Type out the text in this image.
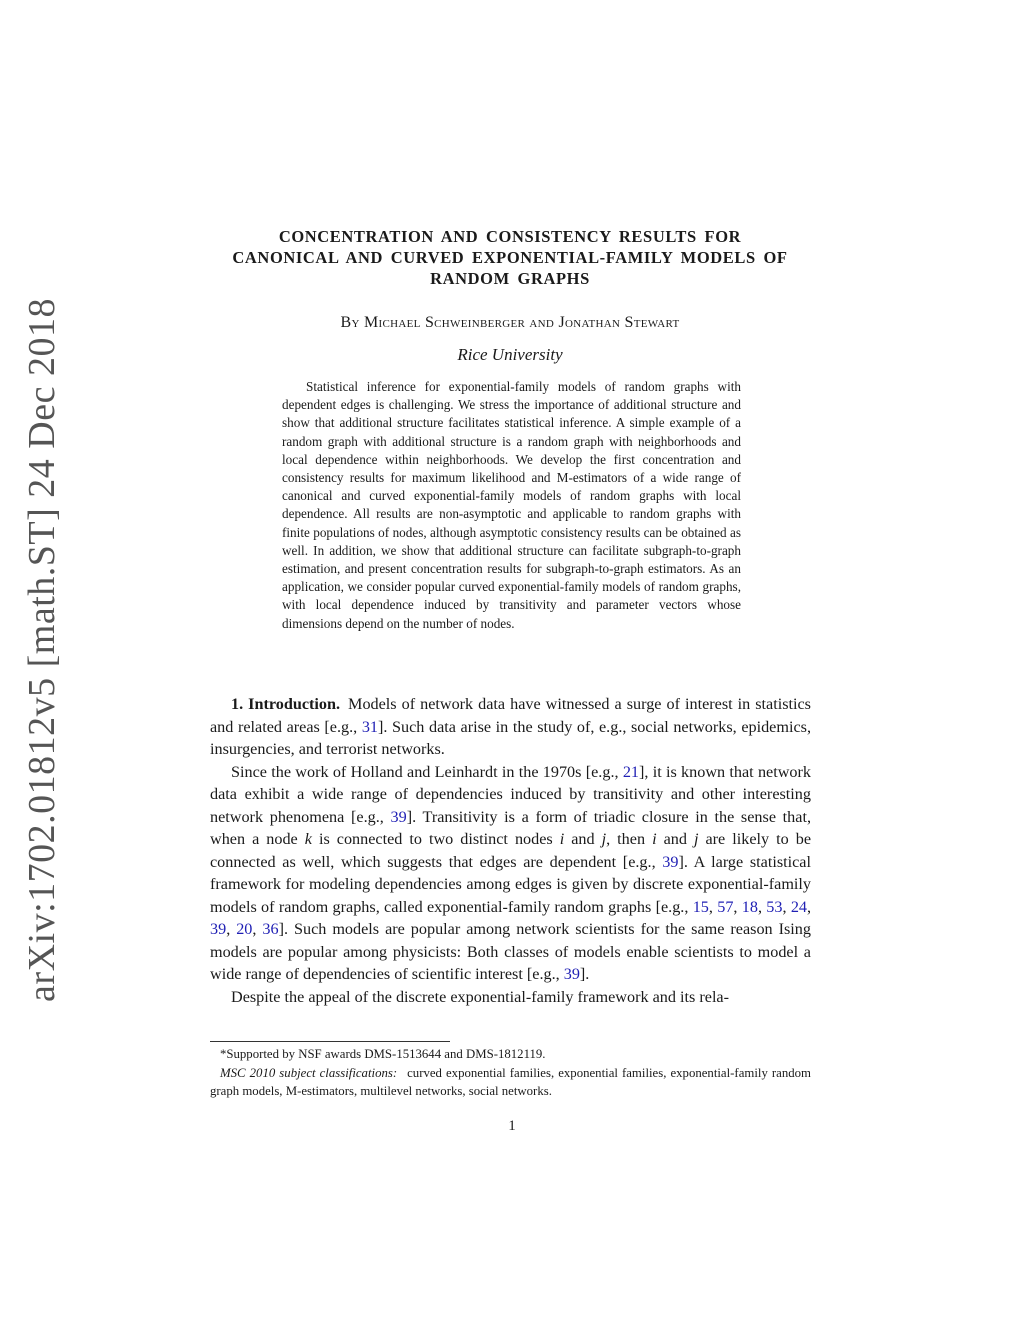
arXiv:1702.01812v5 [math.ST] 24 Dec 2018
CONCENTRATION AND CONSISTENCY RESULTS FOR
CANONICAL AND CURVED EXPONENTIAL-FAMILY MODELS OF
RANDOM GRAPHS
By Michael Schweinberger and Jonathan Stewart
Rice University

Statistical inference for exponential-family models of random graphs with dependent edges is challenging. We stress the importance of additional structure and show that additional structure facilitates statistical inference. A simple example of a random graph with additional structure is a random graph with neighborhoods and local dependence within neighborhoods. We develop the first concentration and consistency results for maximum likelihood and M-estimators of a wide range of canonical and curved exponential-family models of random graphs with local dependence. All results are non-asymptotic and applicable to random graphs with finite populations of nodes, although asymptotic consistency results can be obtained as well. In addition, we show that additional structure can facilitate subgraph-to-graph estimation, and present concentration results for subgraph-to-graph estimators. As an application, we consider popular curved exponential-family models of random graphs, with local dependence induced by transitivity and parameter vectors whose dimensions depend on the number of nodes.

1. Introduction. Models of network data have witnessed a surge of interest in statistics and related areas [e.g., 31]. Such data arise in the study of, e.g., social networks, epidemics, insurgencies, and terrorist networks.

Since the work of Holland and Leinhardt in the 1970s [e.g., 21], it is known that network data exhibit a wide range of dependencies induced by transitivity and other interesting network phenomena [e.g., 39]. Transitivity is a form of triadic closure in the sense that, when a node k is connected to two distinct nodes i and j, then i and j are likely to be connected as well, which suggests that edges are dependent [e.g., 39]. A large statistical framework for modeling dependencies among edges is given by discrete exponential-family models of random graphs, called exponential-family random graphs [e.g., 15, 57, 18, 53, 24, 39, 20, 36]. Such models are popular among network scientists for the same reason Ising models are popular among physicists: Both classes of models enable scientists to model a wide range of dependencies of scientific interest [e.g., 39].

Despite the appeal of the discrete exponential-family framework and its rela-

*Supported by NSF awards DMS-1513644 and DMS-1812119.

MSC 2010 subject classifications: curved exponential families, exponential families, exponential-family random graph models, M-estimators, multilevel networks, social networks.

1
